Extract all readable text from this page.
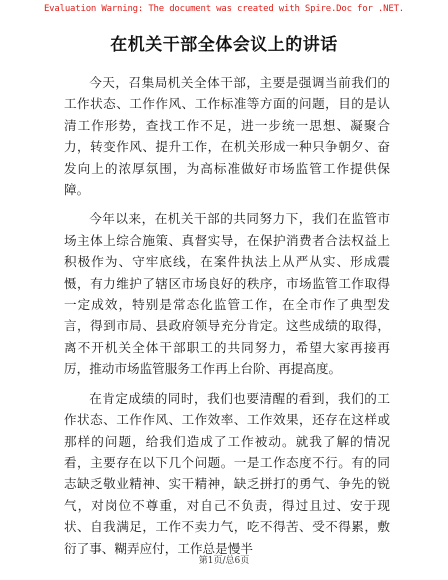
Evaluation Warning: The document was created with Spire.Doc for .NET.
在机关干部全体会议上的讲话

今天，召集局机关全体干部，主要是强调当前我们的工作状态、工作作风、工作标准等方面的问题，目的是认清工作形势，查找工作不足，进一步统一思想、凝聚合力，转变作风、提升工作，在机关形成一种只争朝夕、奋发向上的浓厚氛围，为高标准做好市场监管工作提供保障。

今年以来，在机关干部的共同努力下，我们在监管市场主体上综合施策、真督实导，在保护消费者合法权益上积极作为、守牢底线，在案件执法上从严从实、形成震慑，有力维护了辖区市场良好的秩序，市场监管工作取得一定成效，特别是常态化监管工作，在全市作了典型发言，得到市局、县政府领导充分肯定。这些成绩的取得，离不开机关全体干部职工的共同努力，希望大家再接再厉，推动市场监管服务工作再上台阶、再提高度。

在肯定成绩的同时，我们也要清醒的看到，我们的工作状态、工作作风、工作效率、工作效果，还存在这样或那样的问题，给我们造成了工作被动。就我了解的情况看，主要存在以下几个问题。一是工作态度不行。有的同志缺乏敬业精神、实干精神，缺乏拼打的勇气、争先的锐气，对岗位不尊重，对自己不负责，得过且过、安于现状、自我满足，工作不卖力气，吃不得苦、受不得累，敷衍了事、糊弄应付，工作总是慢半

第1页/总6页
